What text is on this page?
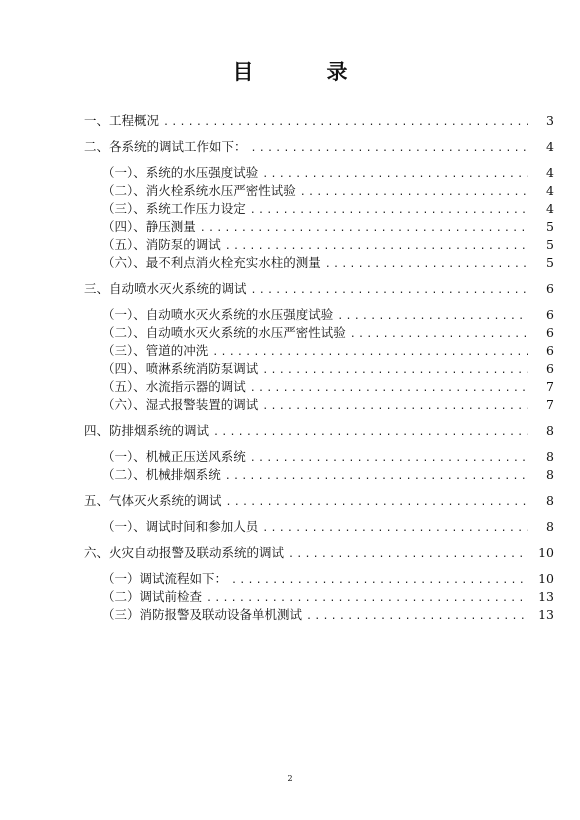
目　录
一、工程概况 .....	3
二、各系统的调试工作如下： .....	4
（一）、系统的水压强度试验 .....	4
（二）、消火栓系统水压严密性试验 .....	4
（三）、系统工作压力设定 .....	4
（四）、静压测量 .....	5
（五）、消防泵的调试 .....	5
（六）、最不利点消火栓充实水柱的测量 .....	5
三、自动喷水灭火系统的调试 .....	6
（一）、自动喷水灭火系统的水压强度试验 .....	6
（二）、自动喷水灭火系统的水压严密性试验 .....	6
（三）、管道的冲洗 .....	6
（四）、喷淋系统消防泵调试 .....	6
（五）、水流指示器的调试 .....	7
（六）、湿式报警装置的调试 .....	7
四、防排烟系统的调试 .....	8
（一）、机械正压送风系统 .....	8
（二）、机械排烟系统 .....	8
五、气体灭火系统的调试 .....	8
（一）、调试时间和参加人员 .....	8
六、火灾自动报警及联动系统的调试 .....	10
（一）调试流程如下： .....	10
（二）调试前检查 .....	13
（三）消防报警及联动设备单机测试 .....	13
2
